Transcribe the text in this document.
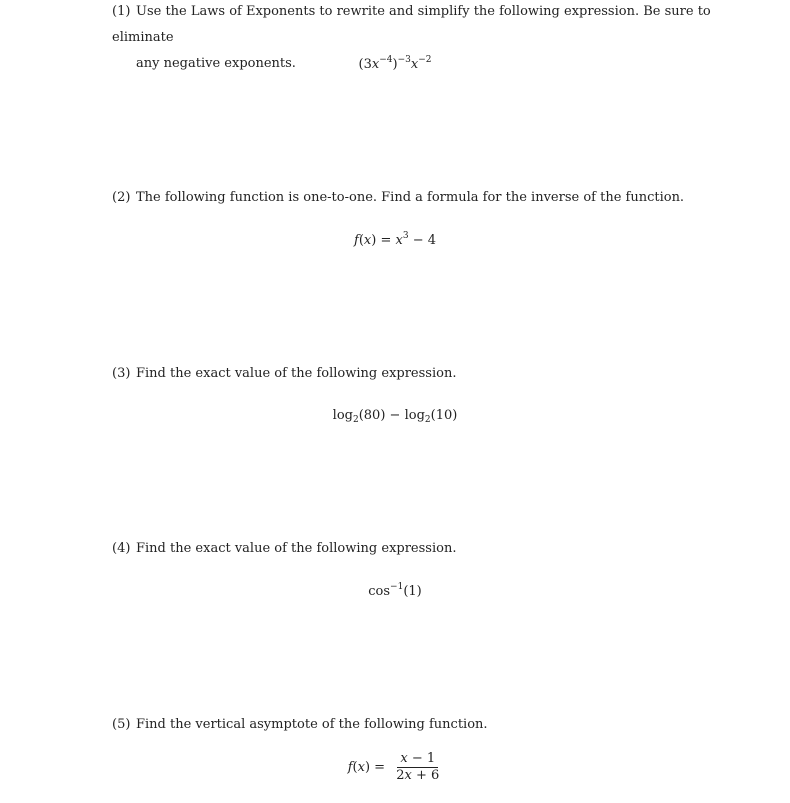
(1) Use the Laws of Exponents to rewrite and simplify the following expression. Be sure to eliminate
any negative exponents.	$(3x^{-4})^{-3}x^{-2}$
(2) The following function is one-to-one. Find a formula for the inverse of the function.
$f(x) = x^3 - 4$
(3) Find the exact value of the following expression.
$\log_2(80) - \log_2(10)$
(4) Find the exact value of the following expression.
$\cos^{-1}(1)$
(5) Find the vertical asymptote of the following function.
$f(x) = \frac{x - 1}{2x + 6}$
